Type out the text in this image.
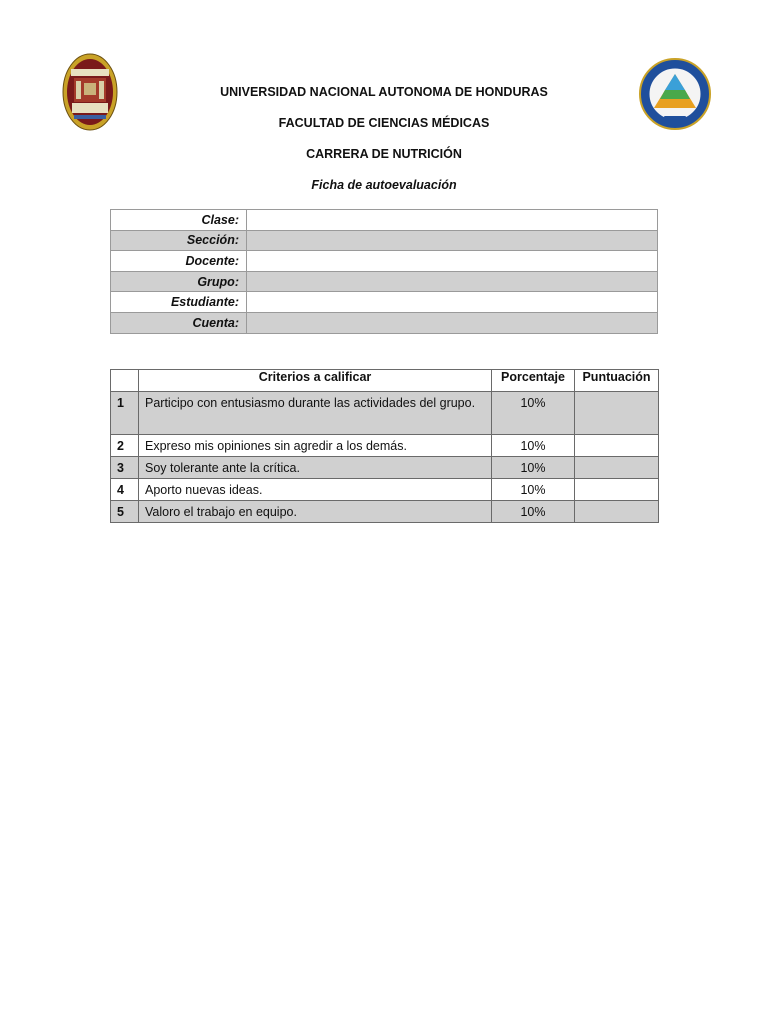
UNIVERSIDAD NACIONAL AUTONOMA DE HONDURAS
FACULTAD DE CIENCIAS MÉDICAS
CARRERA DE NUTRICIÓN
Ficha de autoevaluación
Clase:	
Sección:	
Docente:	
Grupo:	
Estudiante:	
Cuenta:	
	Criterios a calificar	Porcentaje	Puntuación
1	Participo con entusiasmo durante las actividades del grupo.	10%	
2	Expreso mis opiniones sin agredir a los demás.	10%	
3	Soy tolerante ante la crítica.	10%	
4	Aporto nuevas ideas.	10%	
5	Valoro el trabajo en equipo.	10%	
